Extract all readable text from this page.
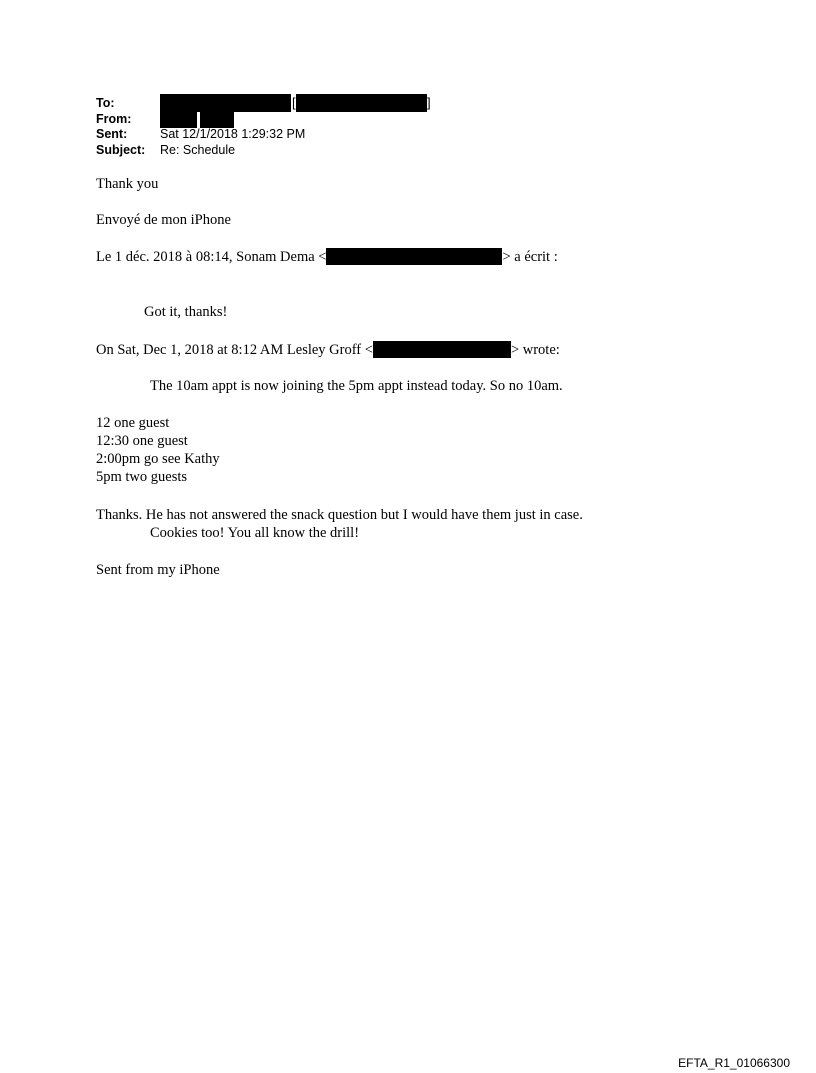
To:	[	]
From:
Sent:	Sat 12/1/2018 1:29:32 PM
Subject: Re: Schedule
Thank you
Envoyé de mon iPhone
Le 1 déc. 2018 à 08:14, Sonam Dema <	> a écrit :
Got it, thanks!
On Sat, Dec 1, 2018 at 8:12 AM Lesley Groff <	> wrote:
The 10am appt is now joining the 5pm appt instead today. So no 10am.
12 one guest
12:30 one guest
2:00pm go see Kathy
5pm two guests
Thanks. He has not answered the snack question but I would have them just in case.
Cookies too! You all know the drill!
Sent from my iPhone
EFTA_R1_01066300
